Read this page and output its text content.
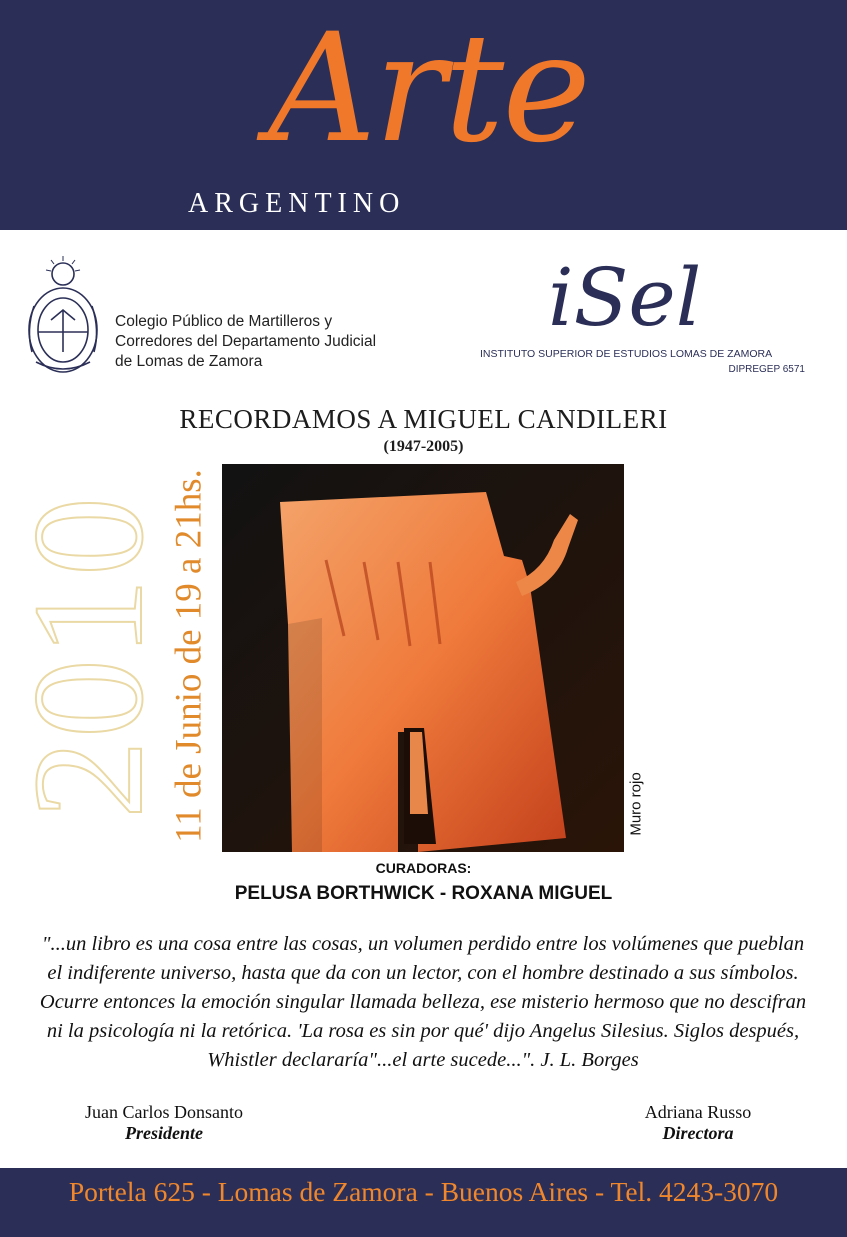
Arte
ARGENTINO
Colegio Público de Martilleros y
Corredores del Departamento Judicial
de Lomas de Zamora
iSel
INSTITUTO SUPERIOR DE ESTUDIOS LOMAS DE ZAMORA
DIPREGEP 6571
RECORDAMOS A MIGUEL CANDILERI
(1947-2005)
2010
11 de Junio de 19 a 21hs.	Muro rojo
CURADORAS:
PELUSA BORTHWICK - ROXANA MIGUEL
"...un libro es una cosa entre las cosas, un volumen perdido entre los volúmenes que pueblan el indiferente universo, hasta que da con un lector, con el hombre destinado a sus símbolos. Ocurre entonces la emoción singular llamada belleza, ese misterio hermoso que no descifran ni la psicología ni la retórica. 'La rosa es sin por qué' dijo Angelus Silesius. Siglos después, Whistler declararía"...el arte sucede...". J. L. Borges
Juan Carlos Donsanto
Presidente
Adriana Russo
Directora
Portela 625 - Lomas de Zamora - Buenos Aires - Tel. 4243-3070
